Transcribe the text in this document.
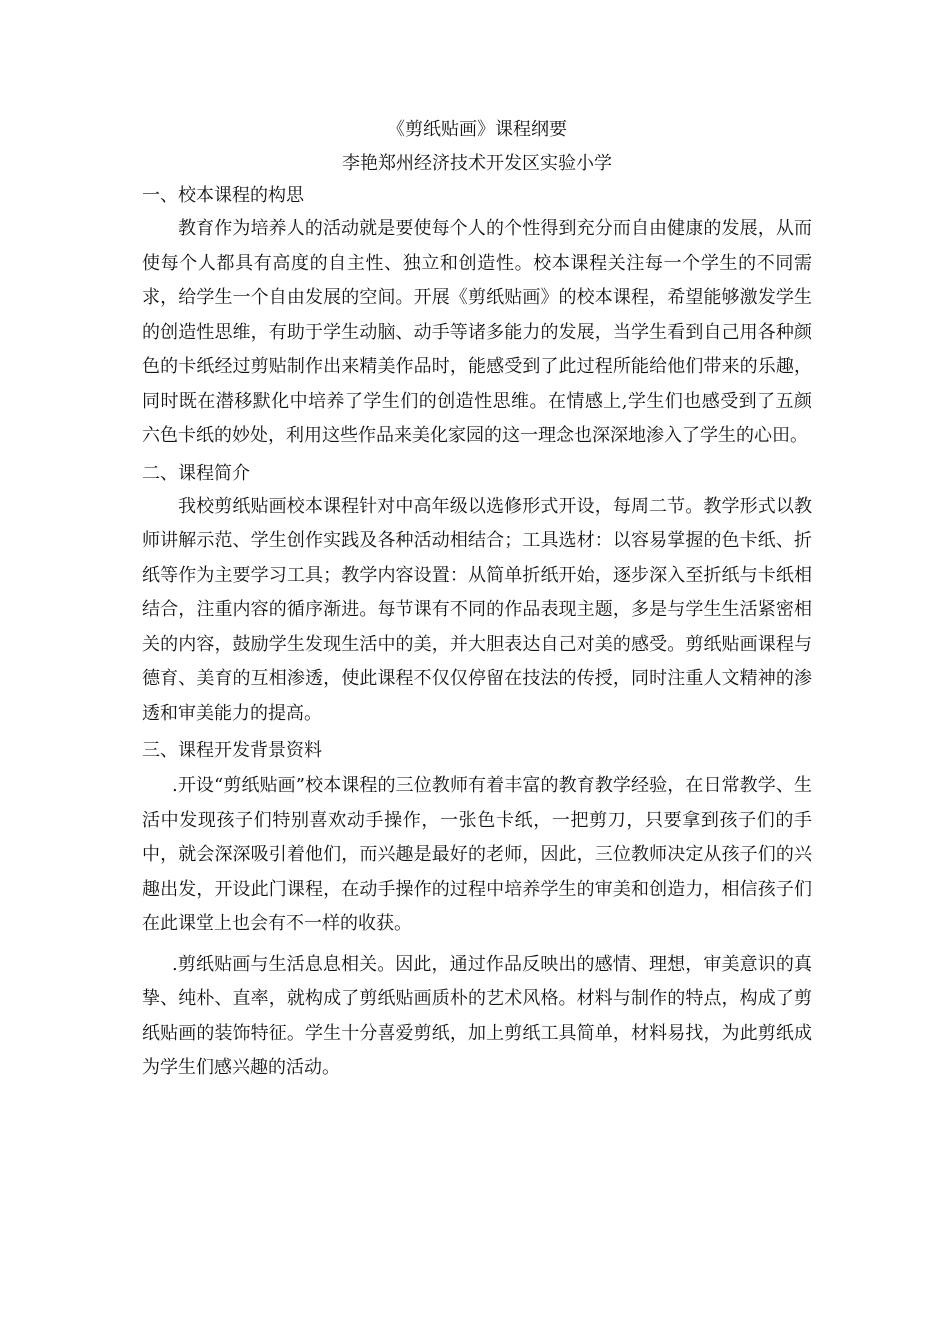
《剪纸贴画》课程纲要
李艳郑州经济技术开发区实验小学
一、校本课程的构思

教育作为培养人的活动就是要使每个人的个性得到充分而自由健康的发展，从而使每个人都具有高度的自主性、独立和创造性。校本课程关注每一个学生的不同需求，给学生一个自由发展的空间。开展《剪纸贴画》的校本课程，希望能够激发学生的创造性思维，有助于学生动脑、动手等诸多能力的发展，当学生看到自己用各种颜色的卡纸经过剪贴制作出来精美作品时，能感受到了此过程所能给他们带来的乐趣，同时既在潜移默化中培养了学生们的创造性思维。在情感上,学生们也感受到了五颜六色卡纸的妙处，利用这些作品来美化家园的这一理念也深深地渗入了学生的心田。

二、课程简介

我校剪纸贴画校本课程针对中高年级以选修形式开设，每周二节。教学形式以教师讲解示范、学生创作实践及各种活动相结合；工具选材：以容易掌握的色卡纸、折纸等作为主要学习工具；教学内容设置：从简单折纸开始，逐步深入至折纸与卡纸相结合，注重内容的循序渐进。每节课有不同的作品表现主题，多是与学生生活紧密相关的内容，鼓励学生发现生活中的美，并大胆表达自己对美的感受。剪纸贴画课程与德育、美育的互相渗透，使此课程不仅仅停留在技法的传授，同时注重人文精神的渗透和审美能力的提高。

三、课程开发背景资料

.开设“剪纸贴画”校本课程的三位教师有着丰富的教育教学经验，在日常教学、生活中发现孩子们特别喜欢动手操作，一张色卡纸，一把剪刀，只要拿到孩子们的手中，就会深深吸引着他们，而兴趣是最好的老师，因此，三位教师决定从孩子们的兴趣出发，开设此门课程，在动手操作的过程中培养学生的审美和创造力，相信孩子们在此课堂上也会有不一样的收获。

.剪纸贴画与生活息息相关。因此，通过作品反映出的感情、理想，审美意识的真挚、纯朴、直率，就构成了剪纸贴画质朴的艺术风格。材料与制作的特点，构成了剪纸贴画的装饰特征。学生十分喜爱剪纸，加上剪纸工具简单，材料易找，为此剪纸成为学生们感兴趣的活动。
